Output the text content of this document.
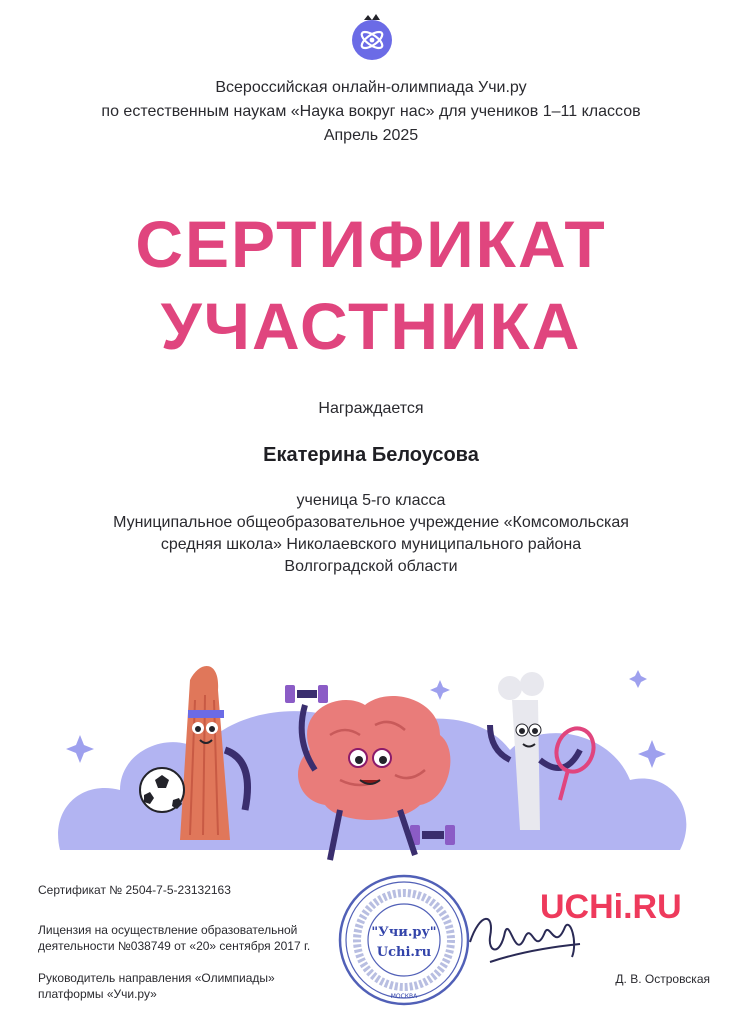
Всероссийская онлайн-олимпиада Учи.ру
по естественным наукам «Наука вокруг нас» для учеников 1–11 классов
Апрель 2025
СЕРТИФИКАТ
УЧАСТНИКА
Награждается
Екатерина Белоусова
ученица 5-го класса
Муниципальное общеобразовательное учреждение «Комсомольская
средняя школа» Николаевского муниципального района
Волгоградской области
Сертификат № 2504-7-5-23132163
Лицензия на осуществление образовательной
деятельности №038749 от «20» сентября 2017 г.
Руководитель направления «Олимпиады»
платформы «Учи.ру»
"Учи.ру"
Uchi.ru
МОСКВА
UCHi.RU
Д. В. Островская
